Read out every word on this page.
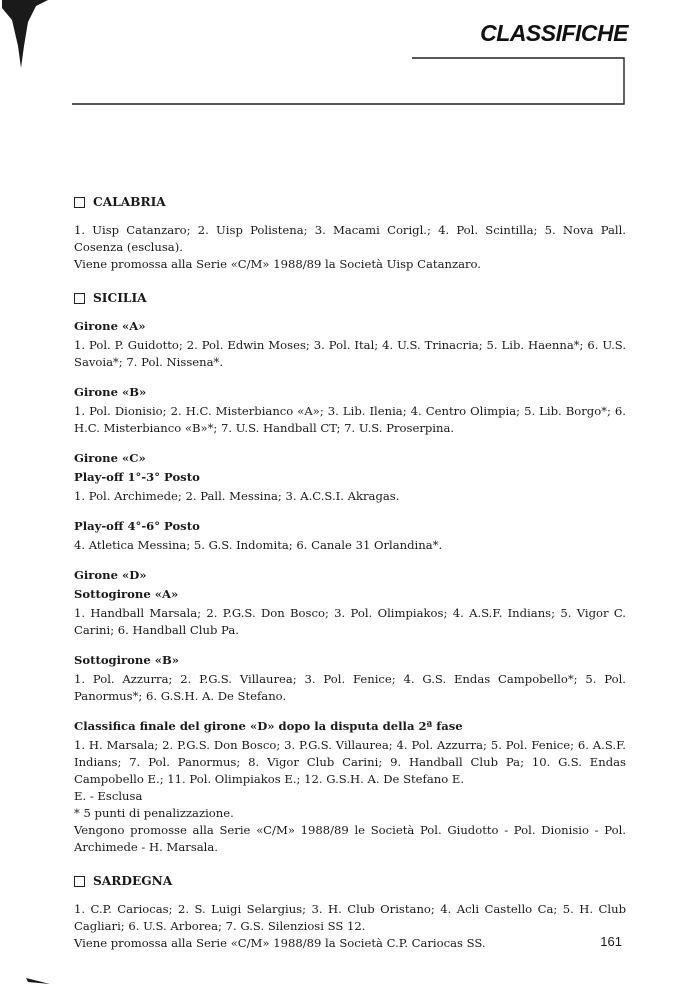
CLASSIFICHE
CALABRIA

1. Uisp Catanzaro; 2. Uisp Polistena; 3. Macami Corigl.; 4. Pol. Scintilla; 5. Nova Pall. Cosenza (esclusa).

Viene promossa alla Serie «C/M» 1988/89 la Società Uisp Catanzaro.

SICILIA
Girone «A»

1. Pol. P. Guidotto; 2. Pol. Edwin Moses; 3. Pol. Ital; 4. U.S. Trinacria; 5. Lib. Haenna*; 6. U.S. Savoia*; 7. Pol. Nissena*.

Girone «B»

1. Pol. Dionisio; 2. H.C. Misterbianco «A»; 3. Lib. Ilenia; 4. Centro Olimpia; 5. Lib. Borgo*; 6. H.C. Misterbianco «B»*; 7. U.S. Handball CT; 7. U.S. Proserpina.

Girone «C»
Play-off 1°-3° Posto

1. Pol. Archimede; 2. Pall. Messina; 3. A.C.S.I. Akragas.

Play-off 4°-6° Posto

4. Atletica Messina; 5. G.S. Indomita; 6. Canale 31 Orlandina*.

Girone «D»
Sottogirone «A»

1. Handball Marsala; 2. P.G.S. Don Bosco; 3. Pol. Olimpiakos; 4. A.S.F. Indians; 5. Vigor C. Carini; 6. Handball Club Pa.

Sottogirone «B»

1. Pol. Azzurra; 2. P.G.S. Villaurea; 3. Pol. Fenice; 4. G.S. Endas Campobello*; 5. Pol. Panormus*; 6. G.S.H. A. De Stefano.

Classifica finale del girone «D» dopo la disputa della 2ª fase

1. H. Marsala; 2. P.G.S. Don Bosco; 3. P.G.S. Villaurea; 4. Pol. Azzurra; 5. Pol. Fenice; 6. A.S.F. Indians; 7. Pol. Panormus; 8. Vigor Club Carini; 9. Handball Club Pa; 10. G.S. Endas Campobello E.; 11. Pol. Olimpiakos E.; 12. G.S.H. A. De Stefano E.

E. - Esclusa

* 5 punti di penalizzazione.

Vengono promosse alla Serie «C/M» 1988/89 le Società Pol. Giudotto - Pol. Dionisio - Pol. Archimede - H. Marsala.

SARDEGNA

1. C.P. Cariocas; 2. S. Luigi Selargius; 3. H. Club Oristano; 4. Acli Castello Ca; 5. H. Club Cagliari; 6. U.S. Arborea; 7. G.S. Silenziosi SS 12.

Viene promossa alla Serie «C/M» 1988/89 la Società C.P. Cariocas SS.	161
